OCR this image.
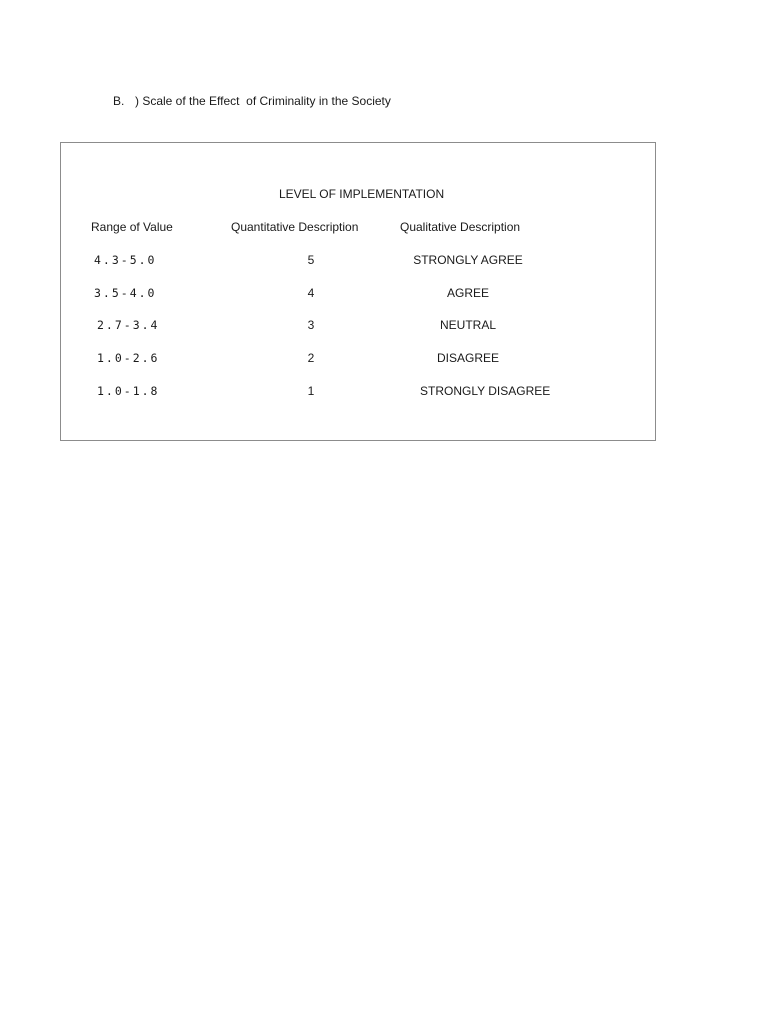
B. ) Scale of the Effect  of Criminality in the Society
LEVEL OF IMPLEMENTATION
Range of Value	Quantitative Description	Qualitative Description
4.3-5.0	5	STRONGLY AGREE
3.5-4.0	4	AGREE
2.7-3.4	3	NEUTRAL
1.0-2.6	2	DISAGREE
1.0-1.8	1	STRONGLY DISAGREE
